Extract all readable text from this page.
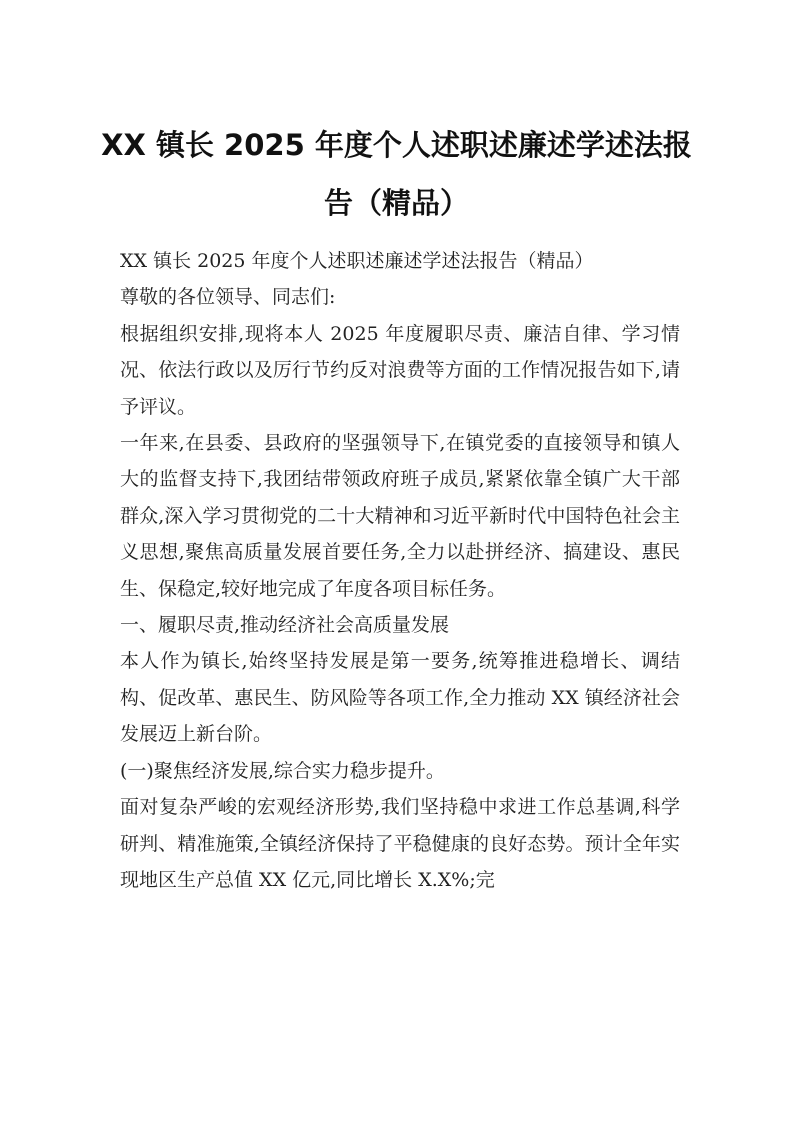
XX 镇长 2025 年度个人述职述廉述学述法报
告（精品）
XX 镇长 2025 年度个人述职述廉述学述法报告（精品）
尊敬的各位领导、同志们:
根据组织安排,现将本人 2025 年度履职尽责、廉洁自律、学习情况、依法行政以及厉行节约反对浪费等方面的工作情况报告如下,请予评议。
一年来,在县委、县政府的坚强领导下,在镇党委的直接领导和镇人大的监督支持下,我团结带领政府班子成员,紧紧依靠全镇广大干部群众,深入学习贯彻党的二十大精神和习近平新时代中国特色社会主义思想,聚焦高质量发展首要任务,全力以赴拼经济、搞建设、惠民生、保稳定,较好地完成了年度各项目标任务。
一、履职尽责,推动经济社会高质量发展
本人作为镇长,始终坚持发展是第一要务,统筹推进稳增长、调结构、促改革、惠民生、防风险等各项工作,全力推动 XX 镇经济社会发展迈上新台阶。
(一)聚焦经济发展,综合实力稳步提升。
面对复杂严峻的宏观经济形势,我们坚持稳中求进工作总基调,科学研判、精准施策,全镇经济保持了平稳健康的良好态势。预计全年实现地区生产总值 XX 亿元,同比增长 X.X%;完
